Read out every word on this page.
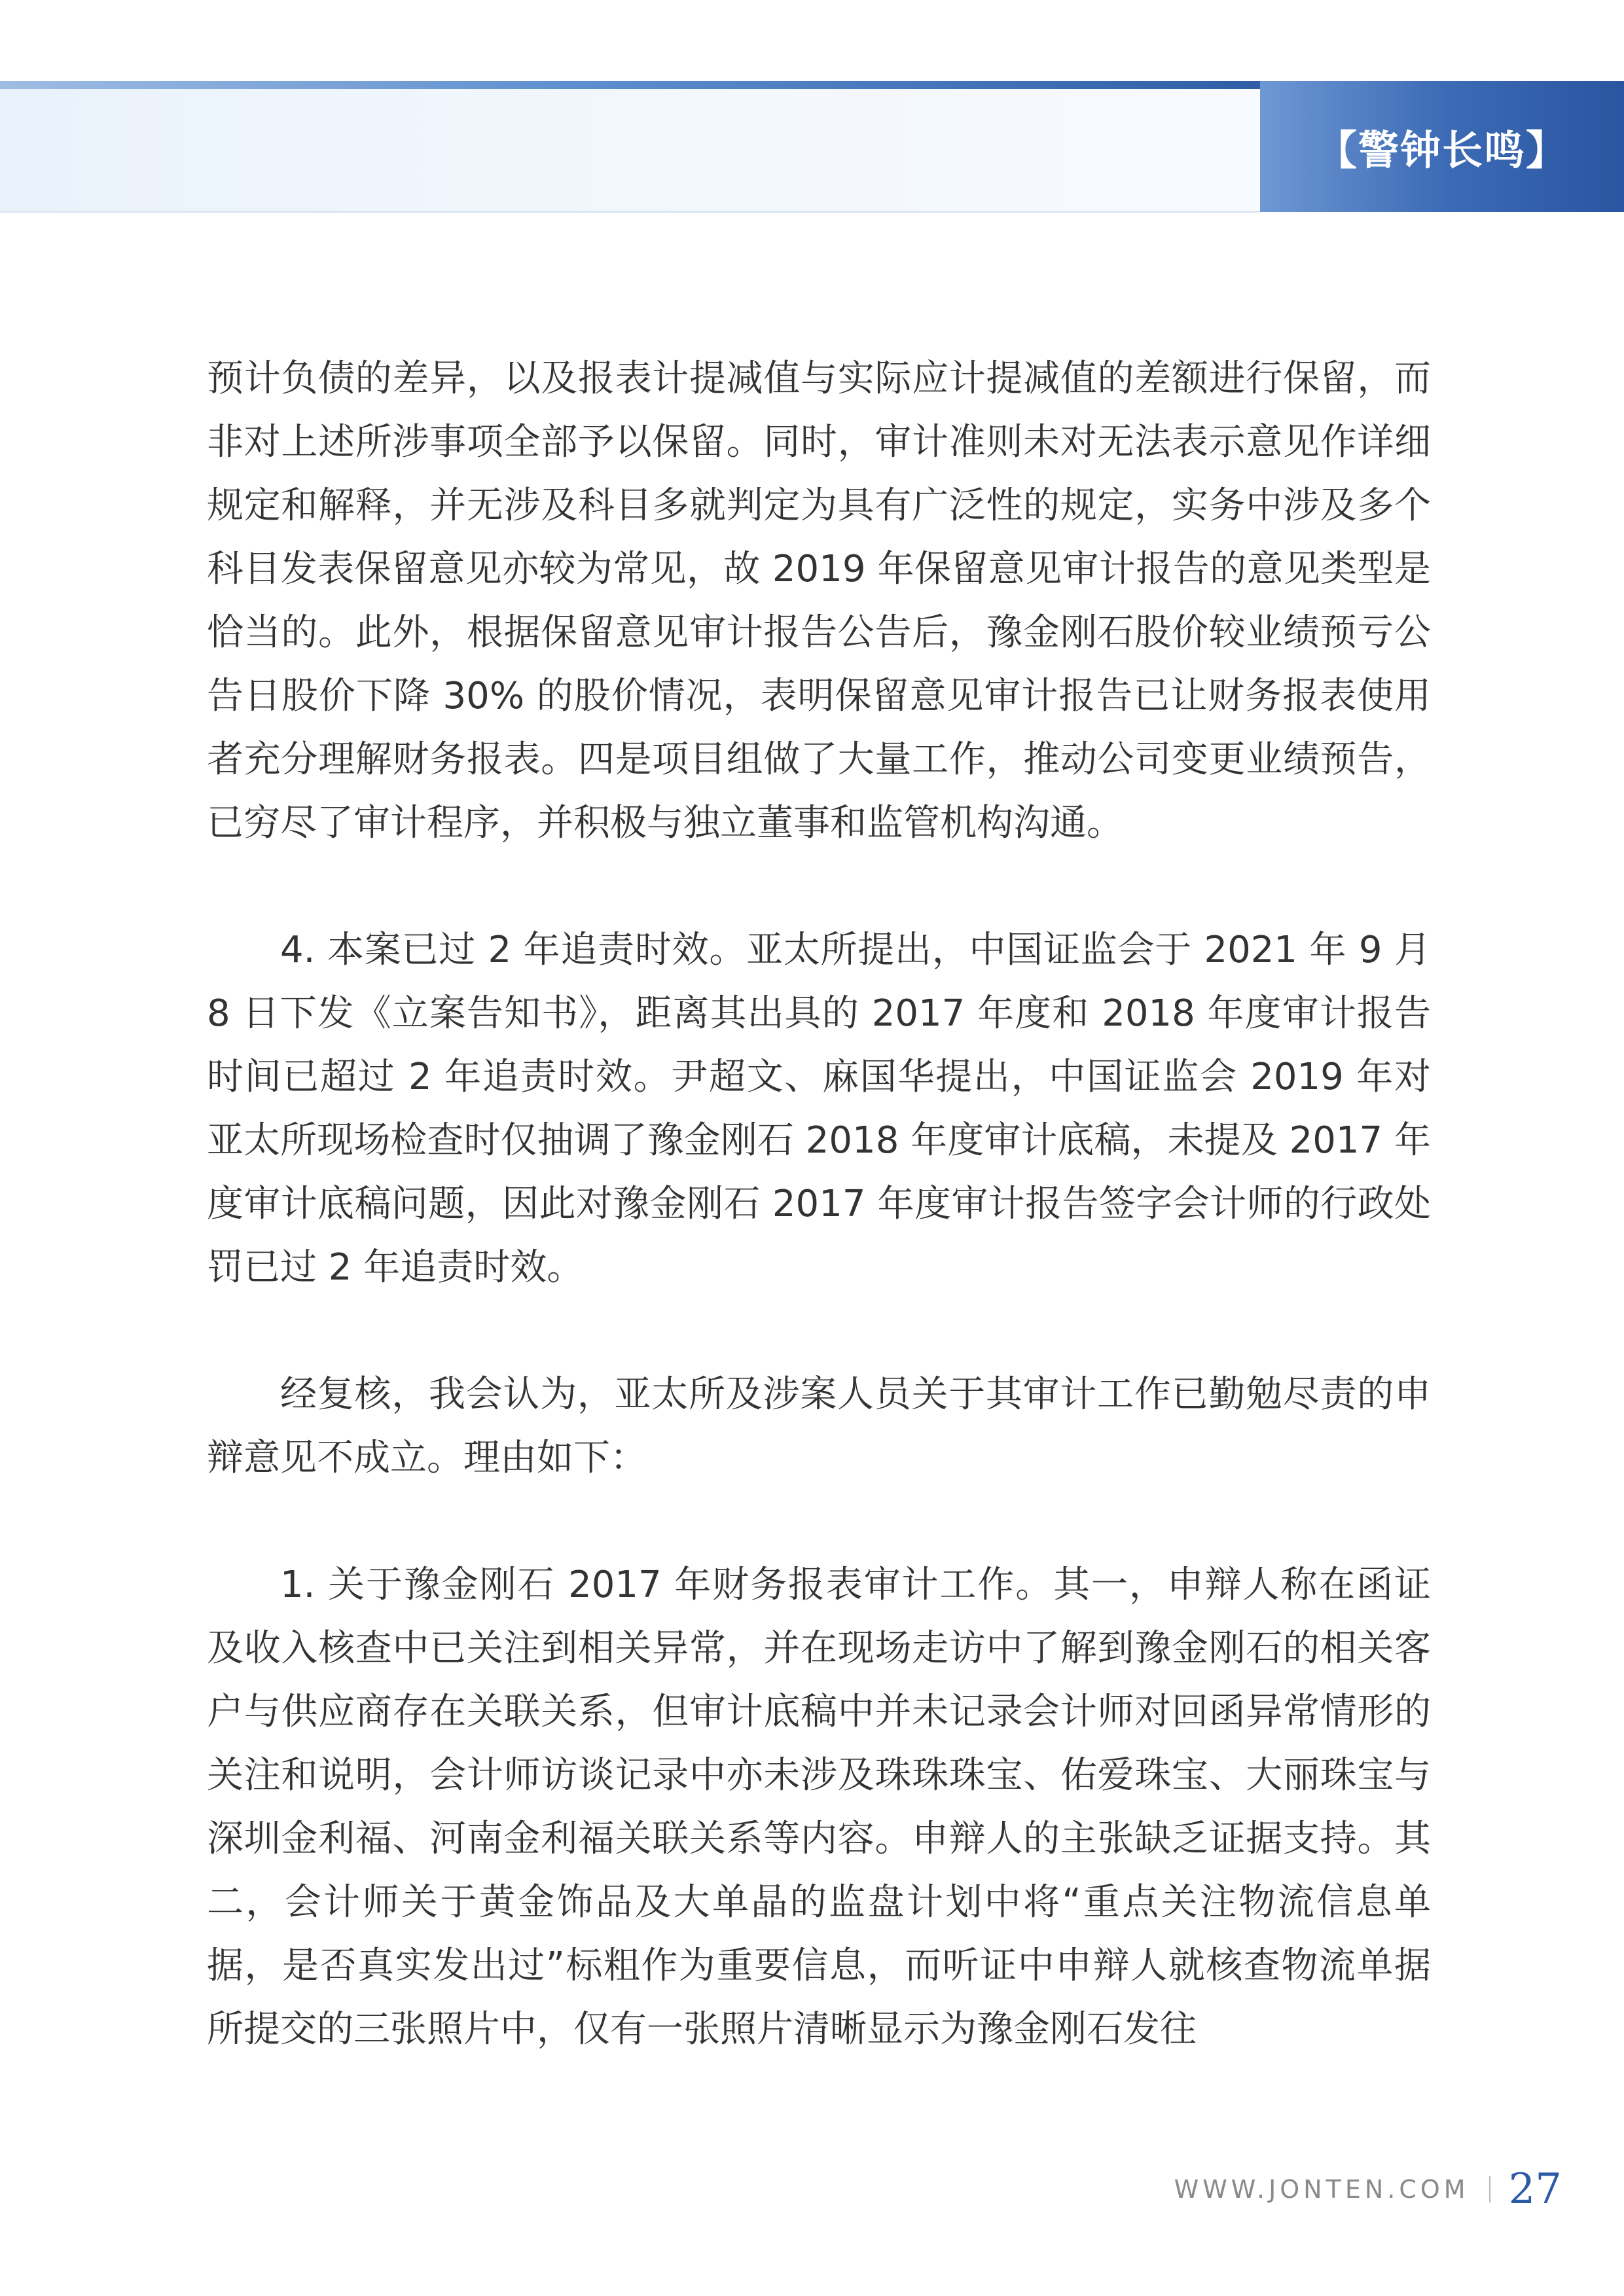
【警钟长鸣】

预计负债的差异，以及报表计提减值与实际应计提减值的差额进行保留，而非对上述所涉事项全部予以保留。同时，审计准则未对无法表示意见作详细规定和解释，并无涉及科目多就判定为具有广泛性的规定，实务中涉及多个科目发表保留意见亦较为常见，故 2019 年保留意见审计报告的意见类型是恰当的。此外，根据保留意见审计报告公告后，豫金刚石股价较业绩预亏公告日股价下降 30% 的股价情况，表明保留意见审计报告已让财务报表使用者充分理解财务报表。四是项目组做了大量工作，推动公司变更业绩预告，已穷尽了审计程序，并积极与独立董事和监管机构沟通。

4. 本案已过 2 年追责时效。亚太所提出，中国证监会于 2021 年 9 月 8 日下发《立案告知书》，距离其出具的 2017 年度和 2018 年度审计报告时间已超过 2 年追责时效。尹超文、麻国华提出，中国证监会 2019 年对亚太所现场检查时仅抽调了豫金刚石 2018 年度审计底稿，未提及 2017 年度审计底稿问题，因此对豫金刚石 2017 年度审计报告签字会计师的行政处罚已过 2 年追责时效。

经复核，我会认为，亚太所及涉案人员关于其审计工作已勤勉尽责的申辩意见不成立。理由如下：

1. 关于豫金刚石 2017 年财务报表审计工作。其一，申辩人称在函证及收入核查中已关注到相关异常，并在现场走访中了解到豫金刚石的相关客户与供应商存在关联关系，但审计底稿中并未记录会计师对回函异常情形的关注和说明，会计师访谈记录中亦未涉及珠珠珠宝、佑爱珠宝、大丽珠宝与深圳金利福、河南金利福关联关系等内容。申辩人的主张缺乏证据支持。其二，会计师关于黄金饰品及大单晶的监盘计划中将“重点关注物流信息单据，是否真实发出过”标粗作为重要信息，而听证中申辩人就核查物流单据所提交的三张照片中，仅有一张照片清晰显示为豫金刚石发往

WWW.JONTEN.COM 27
